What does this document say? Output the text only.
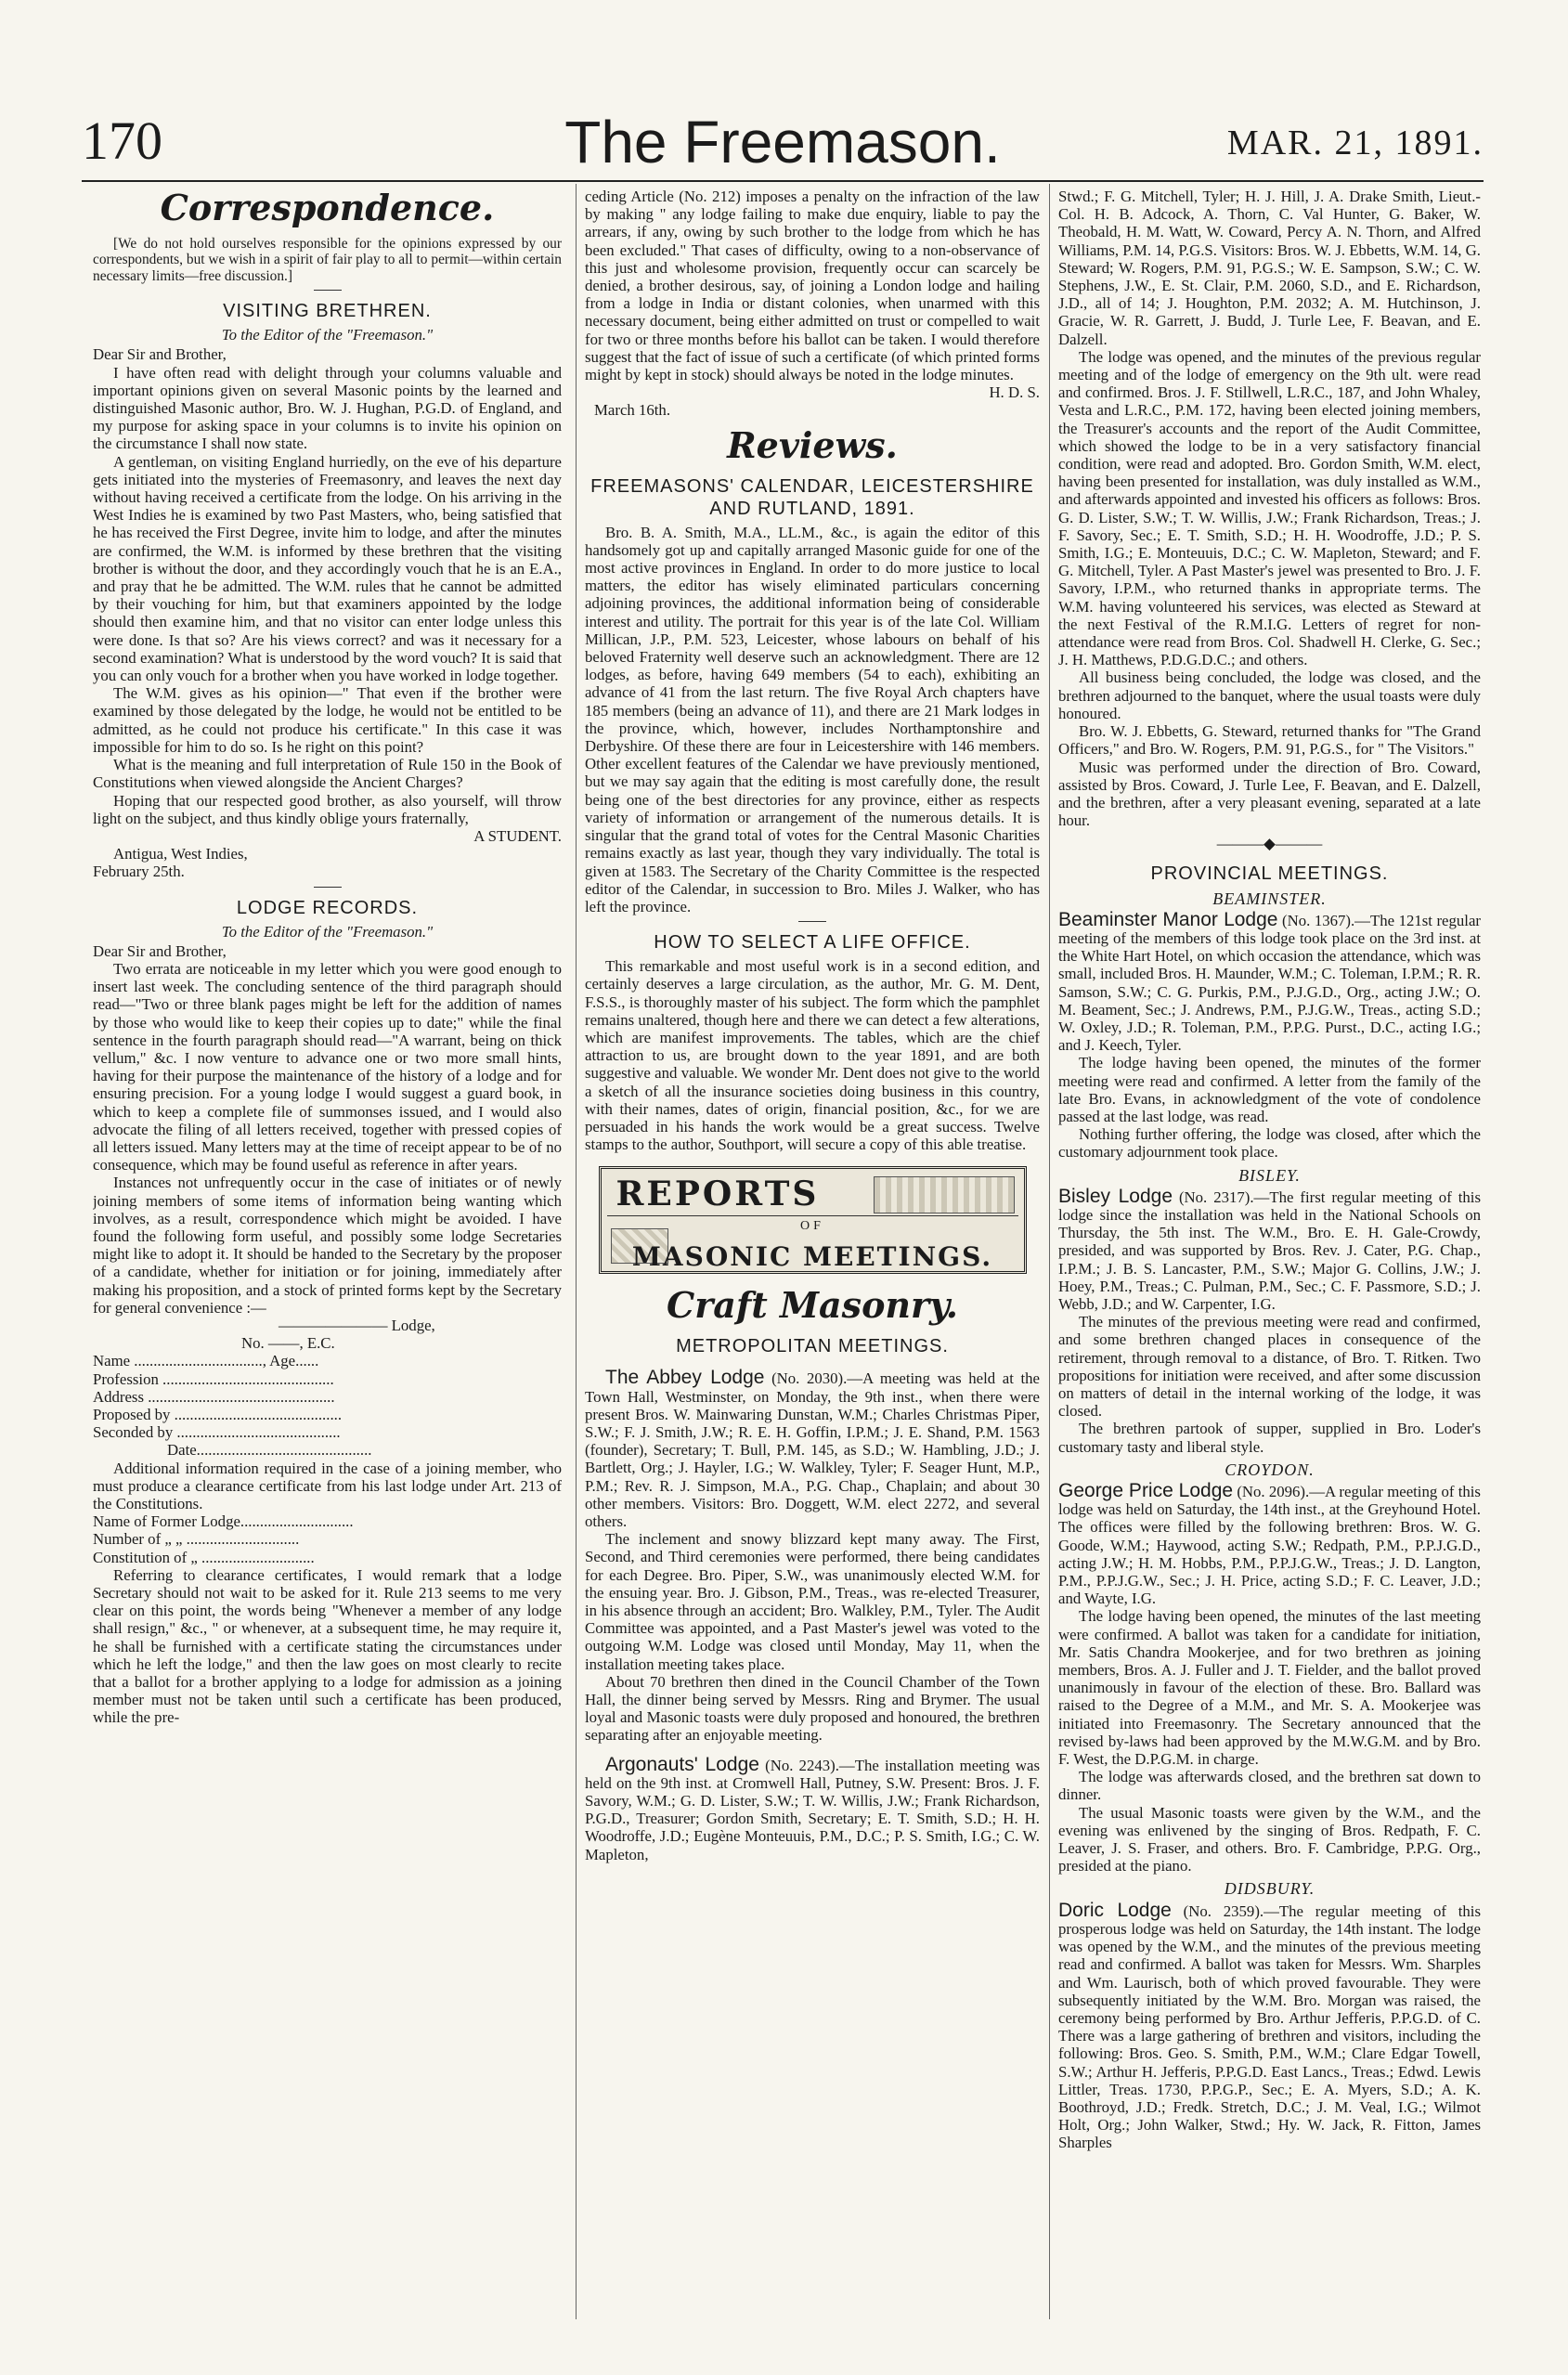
170	The Freemason.	MAR. 21, 1891.
Correspondence.

[We do not hold ourselves responsible for the opinions expressed by our correspondents, but we wish in a spirit of fair play to all to permit—within certain necessary limits—free discussion.]

VISITING BRETHREN.
To the Editor of the "Freemason."

Dear Sir and Brother,

I have often read with delight through your columns valuable and important opinions given on several Masonic points by the learned and distinguished Masonic author, Bro. W. J. Hughan, P.G.D. of England, and my purpose for asking space in your columns is to invite his opinion on the circumstance I shall now state.

A gentleman, on visiting England hurriedly, on the eve of his departure gets initiated into the mysteries of Freemasonry, and leaves the next day without having received a certificate from the lodge. On his arriving in the West Indies he is examined by two Past Masters, who, being satisfied that he has received the First Degree, invite him to lodge, and after the minutes are confirmed, the W.M. is informed by these brethren that the visiting brother is without the door, and they accordingly vouch that he is an E.A., and pray that he be admitted. The W.M. rules that he cannot be admitted by their vouching for him, but that examiners appointed by the lodge should then examine him, and that no visitor can enter lodge unless this were done. Is that so? Are his views correct? and was it necessary for a second examination? What is understood by the word vouch? It is said that you can only vouch for a brother when you have worked in lodge together.

The W.M. gives as his opinion—" That even if the brother were examined by those delegated by the lodge, he would not be entitled to be admitted, as he could not produce his certificate." In this case it was impossible for him to do so. Is he right on this point?

What is the meaning and full interpretation of Rule 150 in the Book of Constitutions when viewed alongside the Ancient Charges?

Hoping that our respected good brother, as also yourself, will throw light on the subject, and thus kindly oblige yours fraternally,

A STUDENT.

Antigua, West Indies,

February 25th.

LODGE RECORDS.
To the Editor of the "Freemason."

Dear Sir and Brother,

Two errata are noticeable in my letter which you were good enough to insert last week. The concluding sentence of the third paragraph should read—"Two or three blank pages might be left for the addition of names by those who would like to keep their copies up to date;" while the final sentence in the fourth paragraph should read—"A warrant, being on thick vellum," &c. I now venture to advance one or two more small hints, having for their purpose the maintenance of the history of a lodge and for ensuring precision. For a young lodge I would suggest a guard book, in which to keep a complete file of summonses issued, and I would also advocate the filing of all letters received, together with pressed copies of all letters issued. Many letters may at the time of receipt appear to be of no consequence, which may be found useful as reference in after years.

Instances not unfrequently occur in the case of initiates or of newly joining members of some items of information being wanting which involves, as a result, correspondence which might be avoided. I have found the following form useful, and possibly some lodge Secretaries might like to adopt it. It should be handed to the Secretary by the proposer of a candidate, whether for initiation or for joining, immediately after making his proposition, and a stock of printed forms kept by the Secretary for general convenience :—

——————— Lodge,

No. ——, E.C.

Name ................................., Age......

Profession ............................................

Address ................................................

Proposed by ...........................................

Seconded by ..........................................

Date.............................................

Additional information required in the case of a joining member, who must produce a clearance certificate from his last lodge under Art. 213 of the Constitutions.

Name of Former Lodge.............................

Number of „ „ .............................

Constitution of „ .............................

Referring to clearance certificates, I would remark that a lodge Secretary should not wait to be asked for it. Rule 213 seems to me very clear on this point, the words being "Whenever a member of any lodge shall resign," &c., " or whenever, at a subsequent time, he may require it, he shall be furnished with a certificate stating the circumstances under which he left the lodge," and then the law goes on most clearly to recite that a ballot for a brother applying to a lodge for admission as a joining member must not be taken until such a certificate has been produced, while the pre-

ceding Article (No. 212) imposes a penalty on the infraction of the law by making " any lodge failing to make due enquiry, liable to pay the arrears, if any, owing by such brother to the lodge from which he has been excluded." That cases of difficulty, owing to a non-observance of this just and wholesome provision, frequently occur can scarcely be denied, a brother desirous, say, of joining a London lodge and hailing from a lodge in India or distant colonies, when unarmed with this necessary document, being either admitted on trust or compelled to wait for two or three months before his ballot can be taken. I would therefore suggest that the fact of issue of such a certificate (of which printed forms might by kept in stock) should always be noted in the lodge minutes.

H. D. S.

March 16th.

Reviews.
FREEMASONS' CALENDAR, LEICESTERSHIRE AND RUTLAND, 1891.

Bro. B. A. Smith, M.A., LL.M., &c., is again the editor of this handsomely got up and capitally arranged Masonic guide for one of the most active provinces in England. In order to do more justice to local matters, the editor has wisely eliminated particulars concerning adjoining provinces, the additional information being of considerable interest and utility. The portrait for this year is of the late Col. William Millican, J.P., P.M. 523, Leicester, whose labours on behalf of his beloved Fraternity well deserve such an acknowledgment. There are 12 lodges, as before, having 649 members (54 to each), exhibiting an advance of 41 from the last return. The five Royal Arch chapters have 185 members (being an advance of 11), and there are 21 Mark lodges in the province, which, however, includes Northamptonshire and Derbyshire. Of these there are four in Leicestershire with 146 members. Other excellent features of the Calendar we have previously mentioned, but we may say again that the editing is most carefully done, the result being one of the best directories for any province, either as respects variety of information or arrangement of the numerous details. It is singular that the grand total of votes for the Central Masonic Charities remains exactly as last year, though they vary individually. The total is given at 1583. The Secretary of the Charity Committee is the respected editor of the Calendar, in succession to Bro. Miles J. Walker, who has left the province.

HOW TO SELECT A LIFE OFFICE.

This remarkable and most useful work is in a second edition, and certainly deserves a large circulation, as the author, Mr. G. M. Dent, F.S.S., is thoroughly master of his subject. The form which the pamphlet remains unaltered, though here and there we can detect a few alterations, which are manifest improvements. The tables, which are the chief attraction to us, are brought down to the year 1891, and are both suggestive and valuable. We wonder Mr. Dent does not give to the world a sketch of all the insurance societies doing business in this country, with their names, dates of origin, financial position, &c., for we are persuaded in his hands the work would be a great success. Twelve stamps to the author, Southport, will secure a copy of this able treatise.

REPORTS
OF
MASONIC MEETINGS.
Craft Masonry.
METROPOLITAN MEETINGS.

The Abbey Lodge (No. 2030).—A meeting was held at the Town Hall, Westminster, on Monday, the 9th inst., when there were present Bros. W. Mainwaring Dunstan, W.M.; Charles Christmas Piper, S.W.; F. J. Smith, J.W.; R. E. H. Goffin, I.P.M.; J. E. Shand, P.M. 1563 (founder), Secretary; T. Bull, P.M. 145, as S.D.; W. Hambling, J.D.; J. Bartlett, Org.; J. Hayler, I.G.; W. Walkley, Tyler; F. Seager Hunt, M.P., P.M.; Rev. R. J. Simpson, M.A., P.G. Chap., Chaplain; and about 30 other members. Visitors: Bro. Doggett, W.M. elect 2272, and several others.

The inclement and snowy blizzard kept many away. The First, Second, and Third ceremonies were performed, there being candidates for each Degree. Bro. Piper, S.W., was unanimously elected W.M. for the ensuing year. Bro. J. Gibson, P.M., Treas., was re-elected Treasurer, in his absence through an accident; Bro. Walkley, P.M., Tyler. The Audit Committee was appointed, and a Past Master's jewel was voted to the outgoing W.M. Lodge was closed until Monday, May 11, when the installation meeting takes place.

About 70 brethren then dined in the Council Chamber of the Town Hall, the dinner being served by Messrs. Ring and Brymer. The usual loyal and Masonic toasts were duly proposed and honoured, the brethren separating after an enjoyable meeting.

Argonauts' Lodge (No. 2243).—The installation meeting was held on the 9th inst. at Cromwell Hall, Putney, S.W. Present: Bros. J. F. Savory, W.M.; G. D. Lister, S.W.; T. W. Willis, J.W.; Frank Richardson, P.G.D., Treasurer; Gordon Smith, Secretary; E. T. Smith, S.D.; H. H. Woodroffe, J.D.; Eugène Monteuuis, P.M., D.C.; P. S. Smith, I.G.; C. W. Mapleton,

Stwd.; F. G. Mitchell, Tyler; H. J. Hill, J. A. Drake Smith, Lieut.-Col. H. B. Adcock, A. Thorn, C. Val Hunter, G. Baker, W. Theobald, H. M. Watt, W. Coward, Percy A. N. Thorn, and Alfred Williams, P.M. 14, P.G.S. Visitors: Bros. W. J. Ebbetts, W.M. 14, G. Steward; W. Rogers, P.M. 91, P.G.S.; W. E. Sampson, S.W.; C. W. Stephens, J.W., E. St. Clair, P.M. 2060, S.D., and E. Richardson, J.D., all of 14; J. Houghton, P.M. 2032; A. M. Hutchinson, J. Gracie, W. R. Garrett, J. Budd, J. Turle Lee, F. Beavan, and E. Dalzell.

The lodge was opened, and the minutes of the previous regular meeting and of the lodge of emergency on the 9th ult. were read and confirmed. Bros. J. F. Stillwell, L.R.C., 187, and John Whaley, Vesta and L.R.C., P.M. 172, having been elected joining members, the Treasurer's accounts and the report of the Audit Committee, which showed the lodge to be in a very satisfactory financial condition, were read and adopted. Bro. Gordon Smith, W.M. elect, having been presented for installation, was duly installed as W.M., and afterwards appointed and invested his officers as follows: Bros. G. D. Lister, S.W.; T. W. Willis, J.W.; Frank Richardson, Treas.; J. F. Savory, Sec.; E. T. Smith, S.D.; H. H. Woodroffe, J.D.; P. S. Smith, I.G.; E. Monteuuis, D.C.; C. W. Mapleton, Steward; and F. G. Mitchell, Tyler. A Past Master's jewel was presented to Bro. J. F. Savory, I.P.M., who returned thanks in appropriate terms. The W.M. having volunteered his services, was elected as Steward at the next Festival of the R.M.I.G. Letters of regret for non-attendance were read from Bros. Col. Shadwell H. Clerke, G. Sec.; J. H. Matthews, P.D.G.D.C.; and others.

All business being concluded, the lodge was closed, and the brethren adjourned to the banquet, where the usual toasts were duly honoured.

Bro. W. J. Ebbetts, G. Steward, returned thanks for "The Grand Officers," and Bro. W. Rogers, P.M. 91, P.G.S., for " The Visitors."

Music was performed under the direction of Bro. Coward, assisted by Bros. Coward, J. Turle Lee, F. Beavan, and E. Dalzell, and the brethren, after a very pleasant evening, separated at a late hour.

———◆———
PROVINCIAL MEETINGS.
BEAMINSTER.

Beaminster Manor Lodge (No. 1367).—The 121st regular meeting of the members of this lodge took place on the 3rd inst. at the White Hart Hotel, on which occasion the attendance, which was small, included Bros. H. Maunder, W.M.; C. Toleman, I.P.M.; R. R. Samson, S.W.; C. G. Purkis, P.M., P.J.G.D., Org., acting J.W.; O. M. Beament, Sec.; J. Andrews, P.M., P.J.G.W., Treas., acting S.D.; W. Oxley, J.D.; R. Toleman, P.M., P.P.G. Purst., D.C., acting I.G.; and J. Keech, Tyler.

The lodge having been opened, the minutes of the former meeting were read and confirmed. A letter from the family of the late Bro. Evans, in acknowledgment of the vote of condolence passed at the last lodge, was read.

Nothing further offering, the lodge was closed, after which the customary adjournment took place.

BISLEY.

Bisley Lodge (No. 2317).—The first regular meeting of this lodge since the installation was held in the National Schools on Thursday, the 5th inst. The W.M., Bro. E. H. Gale-Crowdy, presided, and was supported by Bros. Rev. J. Cater, P.G. Chap., I.P.M.; J. B. S. Lancaster, P.M., S.W.; Major G. Collins, J.W.; J. Hoey, P.M., Treas.; C. Pulman, P.M., Sec.; C. F. Passmore, S.D.; J. Webb, J.D.; and W. Carpenter, I.G.

The minutes of the previous meeting were read and confirmed, and some brethren changed places in consequence of the retirement, through removal to a distance, of Bro. T. Ritken. Two propositions for initiation were received, and after some discussion on matters of detail in the internal working of the lodge, it was closed.

The brethren partook of supper, supplied in Bro. Loder's customary tasty and liberal style.

CROYDON.

George Price Lodge (No. 2096).—A regular meeting of this lodge was held on Saturday, the 14th inst., at the Greyhound Hotel. The offices were filled by the following brethren: Bros. W. G. Goode, W.M.; Haywood, acting S.W.; Redpath, P.M., P.P.J.G.D., acting J.W.; H. M. Hobbs, P.M., P.P.J.G.W., Treas.; J. D. Langton, P.M., P.P.J.G.W., Sec.; J. H. Price, acting S.D.; F. C. Leaver, J.D.; and Wayte, I.G.

The lodge having been opened, the minutes of the last meeting were confirmed. A ballot was taken for a candidate for initiation, Mr. Satis Chandra Mookerjee, and for two brethren as joining members, Bros. A. J. Fuller and J. T. Fielder, and the ballot proved unanimously in favour of the election of these. Bro. Ballard was raised to the Degree of a M.M., and Mr. S. A. Mookerjee was initiated into Freemasonry. The Secretary announced that the revised by-laws had been approved by the M.W.G.M. and by Bro. F. West, the D.P.G.M. in charge.

The lodge was afterwards closed, and the brethren sat down to dinner.

The usual Masonic toasts were given by the W.M., and the evening was enlivened by the singing of Bros. Redpath, F. C. Leaver, J. S. Fraser, and others. Bro. F. Cambridge, P.P.G. Org., presided at the piano.

DIDSBURY.

Doric Lodge (No. 2359).—The regular meeting of this prosperous lodge was held on Saturday, the 14th instant. The lodge was opened by the W.M., and the minutes of the previous meeting read and confirmed. A ballot was taken for Messrs. Wm. Sharples and Wm. Laurisch, both of which proved favourable. They were subsequently initiated by the W.M. Bro. Morgan was raised, the ceremony being performed by Bro. Arthur Jefferis, P.P.G.D. of C. There was a large gathering of brethren and visitors, including the following: Bros. Geo. S. Smith, P.M., W.M.; Clare Edgar Towell, S.W.; Arthur H. Jefferis, P.P.G.D. East Lancs., Treas.; Edwd. Lewis Littler, Treas. 1730, P.P.G.P., Sec.; E. A. Myers, S.D.; A. K. Boothroyd, J.D.; Fredk. Stretch, D.C.; J. M. Veal, I.G.; Wilmot Holt, Org.; John Walker, Stwd.; Hy. W. Jack, R. Fitton, James Sharples
